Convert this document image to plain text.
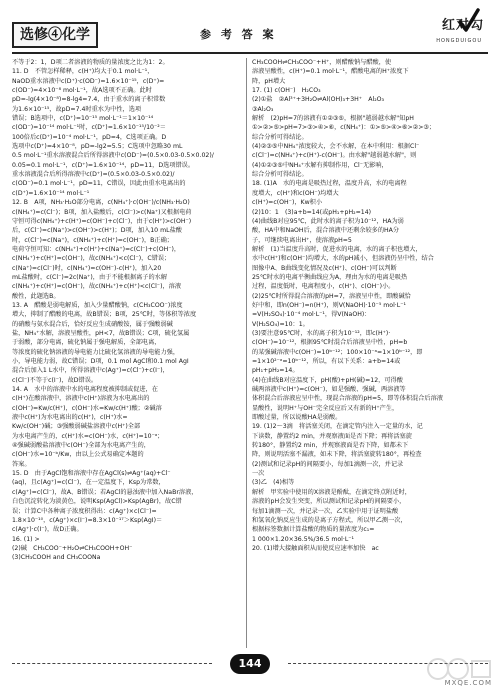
选修④化学	参 考 答 案
红对勾
HONGDUIGOU
不等于2：1，D项二者溶液的物质的量浓度之比为1：2。
11. D　不管怎样稀释，c(H⁺)均大于0.1 mol·L⁻¹，
NaOD重水溶液中c(D⁺)·c(OD⁻)=1.6×10⁻¹⁵，c(D⁺)=
c(OD⁻)=4×10⁻⁸ mol·L⁻¹，故A选项不正确。此时
pD=-lg(4×10⁻⁸)=8-lg4=7.4，由于重水的离子积常数
为1.6×10⁻¹⁵，故pD=7.4时重水为中性，选项
错误；B选项中，c(D⁺)=10⁻¹⁵ mol·L⁻¹＝1×10⁻¹⁴
c(OD⁻)=10⁻¹⁴ mol·L⁻¹时，c(D⁺)=1.6×10⁻¹⁵/10⁻²＝
100倍后c(D⁺)=10⁻⁴ mol·L⁻¹，pD=4，C选项正确。D
选项中c(D⁺)=4×10⁻⁸，pD=-lg2=5.5；C选项中忽略30 mL
0.5 mol·L⁻¹重水溶液混合后所得溶液中c(OD⁻)=(0.5×0.03-0.5×0.02)/
0.05=0.1 mol·L⁻¹，c(D⁺)=1.6×10⁻¹⁴，pD=11，D选项错误。
重水溶液混合后所得溶液中c(D⁺)=(0.5×0.03-0.5×0.02)/
c(OD⁻)=0.1 mol·L⁻¹，pD=11，C错误，因此由重水电离出的
c(D⁺)=1.6×10⁻¹⁴ mol·L⁻¹
12. B　A项，NH₃·H₂O部分电离，c(NH₄⁺)·c(OH⁻)/c(NH₃·H₂O)
c(NH₄⁺)=c(Cl⁻)；B项，加入盐酸后，c(Cl⁻)>c(Na⁺)又根据电荷
守恒可得c(NH₄⁺)+c(H⁺)=c(OH⁻)+c(Cl⁻)，由于c(H⁺)>c(OH⁻)
后，c(Cl⁻)=c(Na⁺)>c(OH⁻)>c(H⁺)；D项，加入10 mL盐酸
时，c(Cl⁻)=c(Na⁺)，c(NH₄⁺)+c(H⁺)=c(OH⁻)，B正确；
电荷守恒可知：c(NH₄⁺)+c(H⁺)+c(Na⁺)=c(Cl⁻)+c(OH⁻)，
c(NH₄⁺)+c(H⁺)=c(OH⁻)，故c(NH₄⁺)<c(Cl⁻)，C错误；
c(Na⁺)=c(Cl⁻)时，c(NH₄⁺)=c(OH⁻)-c(H⁺)，加入20
mL盐酸时，c(Cl⁻)=2c(Na⁺)，由于不能根据离子的水解
c(NH₄⁺)+c(H⁺)=c(OH⁻)，故c(NH₄⁺)+c(H⁺)<c(Cl⁻)，溶液
酸性，此题选B。
13. A　醋酸是弱电解质，加入少量醋酸钠，c(CH₃COO⁻)浓度
增大，抑制了醋酸的电离，故B错误；B项，25℃时，等体积等浓度
的硝酸与氨水混合后，恰好反应生成硝酸铵，属于强酸弱碱
盐，NH₄⁺水解，溶液呈酸性，pH<7，故B错误；C项，硫化氢属
于弱酸，部分电离，硫化钠属于强电解质，全部电离，
等浓度的硫化钠溶液的导电能力比硫化氢溶液的导电能力强，
小，导电能力弱，故C错误；D项，0.1 mol AgCl和0.1 mol AgI
混合后加入1 L水中，所得溶液中c(Ag⁺)=c(Cl⁻)+c(I⁻)，
c(Cl⁻)不等于c(I⁻)，故D错误。
14. A　水中的溶液中水的电离程度被抑制或促进，在
c(H⁺)在酸溶液中，溶液中c(H⁺)溶液为水电离出的
c(OH⁻)=Kw/c(H⁺)，c(OH⁻)水=Kw/c(H⁺)酸；②碱溶
液中c(H⁺)为水电离出的c(H⁺)，c(H⁺)水=
Kw/c(OH⁻)碱；③强酸弱碱盐溶液中c(H⁺)全部
为水电离产生的，c(H⁺)水=c(OH⁻)水，c(H⁺)=10⁻ᵃ；
④强碱弱酸盐溶液中c(OH⁻)全部为水电离产生的，
c(OH⁻)水=10⁻ᵇ/Kw，由以上公式易确定本题的
答案。
15. D　由于AgCl饱和溶液中存在AgCl(s)⇌Ag⁺(aq)+Cl⁻
(aq)，且c(Ag⁺)=c(Cl⁻)，在一定温度下，Ksp为常数，
c(Ag⁺)=c(Cl⁻)，故A、B错误；若AgCl的悬浊液中加入NaBr溶液，
白色沉淀转化为淡黄色，说明Ksp(AgCl)>Ksp(AgBr)，故C错
误；计算C中各种离子浓度积得出：c(Ag⁺)×c(Cl⁻)=
1.8×10⁻¹⁰，c(Ag⁺)×c(I⁻)=8.3×10⁻¹⁷＞Ksp(AgI)＝
c(Ag⁺)·c(I⁻)，故D正确。
16. (1) >
(2)碱　CH₃COO⁻+H₂O⇌CH₃COOH+OH⁻
(3)CH₃COOH and CH₃COONa
CH₃COOH⇌CH₃COO⁻+H⁺，则醋酸钠与醋酸，使
溶液呈酸性，c(H⁺)=0.1 mol·L⁻¹，醋酸电离的H⁺浓度下
降，pH增大
17. (1) c(OH⁻)　H₂CO₃
(2)①盐　②Al³⁺+3H₂O⇌Al(OH)₃+3H⁺　Al₂O₃
③Al₂O₃
解析　(2)pH=7的溶液有①②③⑤，根据"越弱越水解"知pH
①>②>⑤>pH=7>③>④>⑥，c(NH₄⁺)：①>⑤>④>⑥>②>③；
综合分析可得结论。
(4)②③⑤中NH₄⁺浓度较大，会不水解，在本中利用：根据Cl⁻
c(Cl⁻)=c(NH₄⁺)+c(H⁺)-c(OH⁻)。由水解"越弱越水解"，则
(4)①②③⑤中NH₄⁺水解有抑制作用，Cl⁻无影响，
综合分析可得结论。
18. (1)A　水的电离是吸热过程，温度升高，水的电离程
度增大，c(H⁺)和c(OH⁻)均增大
c(H⁺)=c(OH⁻)，Kw积小
(2)10：1　(3)a+b=14(或pH₁+pH₂=14)
(4)曲线B对应95℃，此时水的离子积为10⁻¹²，HA为弱
酸，HA中和NaOH后，混合溶液中还剩余较多的HA分
子，可继续电离出H⁺，使溶液pH=5
解析　(1)当温度升高时，促进水的电离，水的离子积也增大，
水中c(H⁺)和c(OH⁻)均增大，水的pH减小，但溶液仍呈中性，结合
图像中A、B曲线变化情况及c(H⁺)、c(OH⁻)可以判断
25℃时水的电离平衡曲线应为A，理由为水的电离是吸热
过程，温度低时，电离程度小，c(H⁺)、c(OH⁻)小。
(2)25℃时所得混合溶液的pH=7，溶液呈中性，即酸碱恰
好中和，即n(OH⁻)=n(H⁺)，则V(NaOH)·10⁻⁵ mol·L⁻¹
=V(H₂SO₄)·10⁻⁴ mol·L⁻¹，得V(NaOH)：
V(H₂SO₄)=10：1。
(3)要注意95℃时，水的离子积为10⁻¹²，即c(H⁺)·
c(OH⁻)=10⁻¹²，根据95℃时混合后溶液呈中性，pH=b
的某强碱溶液中c(OH⁻)=10ᵇ⁻¹²；100×10⁻ᵃ=1×10ᵇ⁻¹²，即
=1×10²⁻ᵃ=10ᵇ⁻¹²，所以，有以下关系：a+b=14或
pH₁+pH₂=14。
(4)在曲线B对应温度下，pH(酸)+pH(碱)=12，可得酸
碱两溶液中c(H⁺)=c(OH⁻)，如是强酸、强碱，两溶液等
体积混合后溶液应呈中性，现混合溶液的pH=5，即等体积混合后溶液
显酸性，说明H⁺与OH⁻完全反应后又有新的H⁺产生，
即酸过量，所以说酸HA是弱酸。
19. (1)2～3滴　将活塞关闭，在滴定管内注入一定量的水，记
下读数，静置约2 min，并观察液面是否下降；再将活塞旋
转180°，静置约2 min，并观察液面是否下降，如都未下
降，则说明活塞不漏液，如未下降，将活塞旋转180°，再检查
(2)测试和记录pH的间隔要小，每加1滴测一次，并记录
一次
(3)乙　(4)相等
解析　甲实验中使用的X溶液是酚酞，在滴定终点附近时，
溶液的pH会发生突变，所以测试和记录pH的间隔要小，
每加1滴测一次，并记录一次，乙实验中用于证明盐酸
和氢氧化钠反应生成的是离子方程式，所以甲乙测一次，
根据标签数据计算盐酸的物质的量浓度为c₁=
1 000×1.20×36.5%/36.5 mol·L⁻¹
20. (1)增大接触面积从而使反应速率加快　ac
144
MXQE.COM
